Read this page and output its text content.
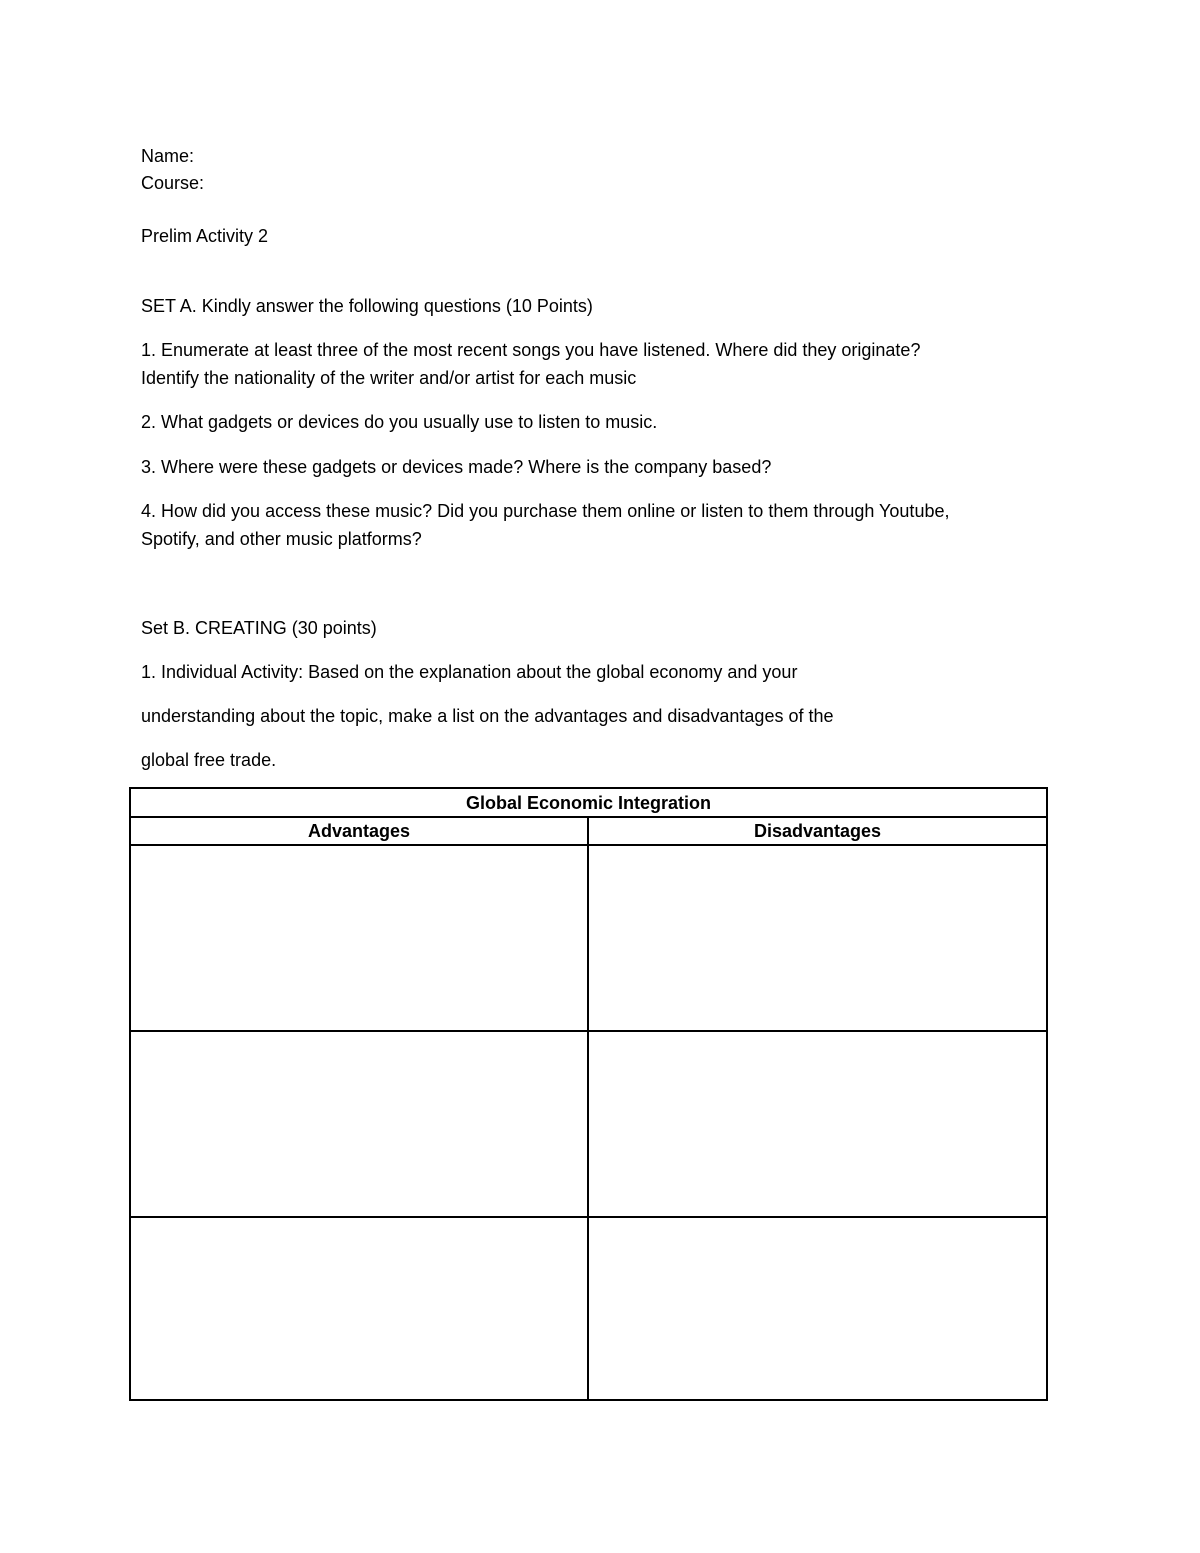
Name:

Course:

Prelim Activity 2

SET A. Kindly answer the following questions (10 Points)

1. Enumerate at least three of the most recent songs you have listened. Where did they originate?

Identify the nationality of the writer and/or artist for each music

2. What gadgets or devices do you usually use to listen to music.

3. Where were these gadgets or devices made? Where is the company based?

4. How did you access these music? Did you purchase them online or listen to them through Youtube,

Spotify, and other music platforms?

Set B. CREATING (30 points)

1. Individual Activity: Based on the explanation about the global economy and your

understanding about the topic, make a list on the advantages and disadvantages of the

global free trade.

Global Economic Integration
Advantages	Disadvantages
